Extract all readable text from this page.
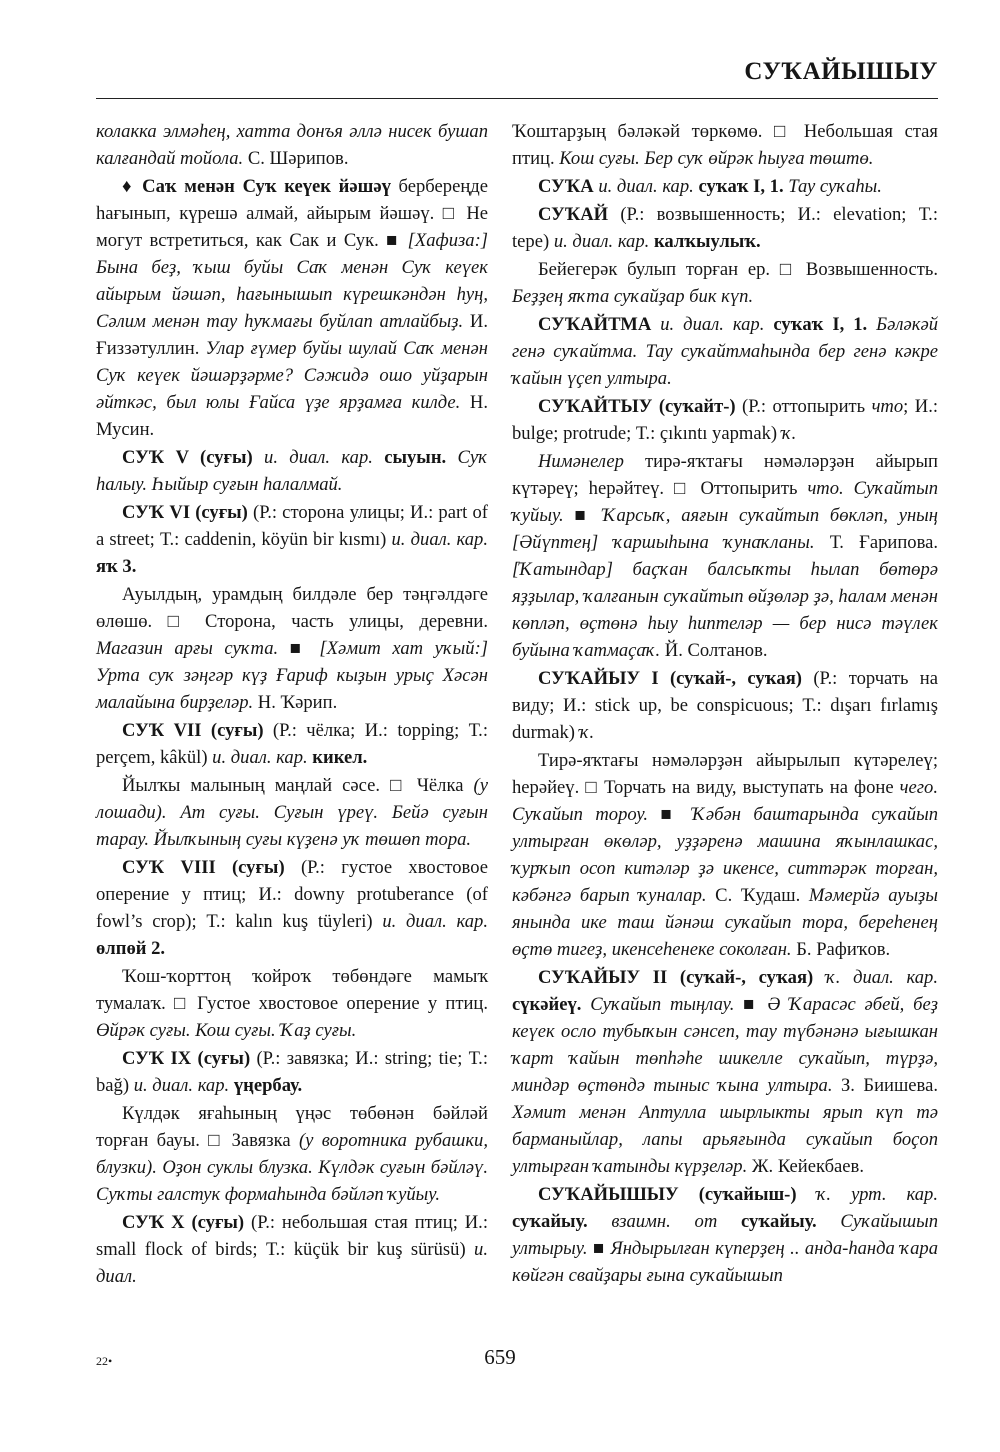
СУҠАЙЫШЫУ

колакка элмәһең, хатта донъя әллә нисек бушап калғандай тойола. С. Шәрипов.

♦ Саҡ менән Суҡ кеүек йәшәү бербереңде һағынып, күрешә алмай, айырым йәшәү. □ Не могут встретиться, как Сак и Сук. ■ [Хафиза:] Бына беҙ, ҡыш буйы Саҡ менән Суҡ кеүек айырым йәшәп, һағынышып күрешкәндән һуң, Сәлим менән тау һуҡмағы буйлап атлайбыҙ. И. Ғиззәтуллин. Улар ғүмер буйы шулай Саҡ менән Суҡ кеүек йәшәрҙәрме? Сәжидә ошо уйҙарын әйткәс, был юлы Ғайса үҙе ярҙамға килде. Н. Мусин.

СУҠ V (суғы) и. диал. кар. сыуын. Суҡ һалыу. Һыйыр суғын һалалмай.

СУҠ VI (суғы) (Р.: сторона улицы; И.: part of a street; Т.: caddenin, köyün bir kısmı) и. диал. кар. яҡ 3.

Ауылдың, урамдың билдәле бер тәңгәлдәге өлөшө. □ Сторона, часть улицы, деревни. Магазин арғы суҡта. ■ [Хәмит хат уҡый:] Урта суҡ зәңгәр күҙ Ғариф кыҙын урыҫ Хәсән малайына бирҙеләр. Н. Ҡәрип.

СУҠ VII (суғы) (Р.: чёлка; И.: topping; Т.: perçem, kâkül) и. диал. кар. кикел.

Йылҡы малының маңлай сәсе. □ Чёлка (у лошади). Ат суғы. Суғын үреү. Бейә суғын тарау. Йылҡының суғы күҙенә уҡ төшөп тора.

СУҠ VIII (суғы) (Р.: густое хвостовое оперение у птиц; И.: downy protuberance (of fowl’s crop); Т.: kalın kuş tüyleri) и. диал. кар. өлпөй 2.

Ҡош-ҡорттоң ҡойроҡ төбөндәге мамыҡ тумалаҡ. □ Густое хвостовое оперение у птиц. Өйрәк суғы. Кош суғы. Ҡаҙ суғы.

СУҠ IX (суғы) (Р.: завязка; И.: string; tie; Т.: bağ) и. диал. кар. үңербау.

Күлдәк яғаһының үңәс төбөнән бәйләй торған бауы. □ Завязка (у воротника рубашки, блузки). Оҙон суклы блузка. Күлдәк суғын бәйләү. Суҡты галстук формаһында бәйләп ҡуйыу.

СУҠ X (суғы) (Р.: небольшая стая птиц; И.: small flock of birds; Т.: küçük bir kuş sürüsü) и. диал.

Ҡоштарҙың бәләкәй төркөмө. □ Небольшая стая птиц. Кош суғы. Бер суҡ өйрәк һыуға төштө.

СУҠА и. диал. кар. суҡаҡ I, 1. Тау суҡаһы.

СУҠАЙ (Р.: возвышенность; И.: elevation; Т.: tepe) и. диал. кар. калҡыулыҡ.

Бейегерәк булып торған ер. □ Возвышенность. Беҙҙең яҡта суҡайҙар бик күп.

СУҠАЙТМА и. диал. кар. суҡаҡ I, 1. Бәләкәй генә суҡайтма. Тау суҡайтмаһында бер генә кәкре ҡайын үҫеп ултыра.

СУҠАЙТЫУ (суҡайт-) (Р.: оттопырить что; И.: bulge; protrude; Т.: çıkıntı yapmak) ҡ.

Нимәнелер тирә-яҡтағы нәмәләрҙән айырып күтәреү; һерәйтеү. □ Оттопырить что. Суҡайтып ҡуйыу. ■ Ҡарсыҡ, аяғын суҡайтып бөкләп, уның [Әйүптең] ҡаршыһына ҡунаҡланы. Т. Ғарипова. [Ҡатындар] баҫҡан балсыҡты һылап бөтөрә яҙҙылар, ҡалғанын суҡайтып өйҙөләр ҙә, һалам менән көпләп, өҫтөнә һыу һиптеләр — бер нисә тәүлек буйына ҡатмаҫаҡ. Й. Солтанов.

СУҠАЙЫУ I (суҡай-, суҡая) (Р.: торчать на виду; И.: stick up, be conspicuous; Т.: dışarı fırlamış durmak) ҡ.

Тирә-яҡтағы нәмәләрҙән айырылып күтәрелеү; һерәйеү. □ Торчать на виду, выступать на фоне чего. Суҡайып тороу. ■ Ҡәбән баштарында суҡайып ултырған өкөләр, уҙҙәренә машина яҡынлашкас, ҡурҡып осоп китәләр ҙә икенсе, ситтәрәк торған, кәбәнгә барып ҡуналар. С. Ҡудаш. Мәмерйә ауыҙы янында ике таш йәнәш суҡайып тора, береһенең өҫтө тигеҙ, икенсеһенеке соколған. Б. Рафиҡов.

СУҠАЙЫУ II (суҡай-, суҡая) ҡ. диал. кар. сүкәйеү. Суҡайып тыңлау. ■ Ә Ҡарасәс әбей, беҙ кеүек осло тубыҡын сәнсеп, тау түбәнәнә ығышкан ҡарт ҡайын төпһәһе шикелле суҡайып, түрҙә, миндәр өҫтөндә тыныс ҡына ултыра. З. Биишева. Хәмит менән Аптулла шырлыкты ярып күп тә барманыйлар, лапы арьяғында суҡайып боҫоп ултырған ҡатынды күрҙеләр. Ж. Кейекбаев.

СУҠАЙЫШЫУ (суҡайыш-) ҡ. урт. кар. суҡайыу. взаимн. от суҡайыу. Суҡайышып ултырыу. ■ Яндырылған күперҙең .. анда-һанда ҡара көйгән свайҙары ғына суҡайышып

22•	659
